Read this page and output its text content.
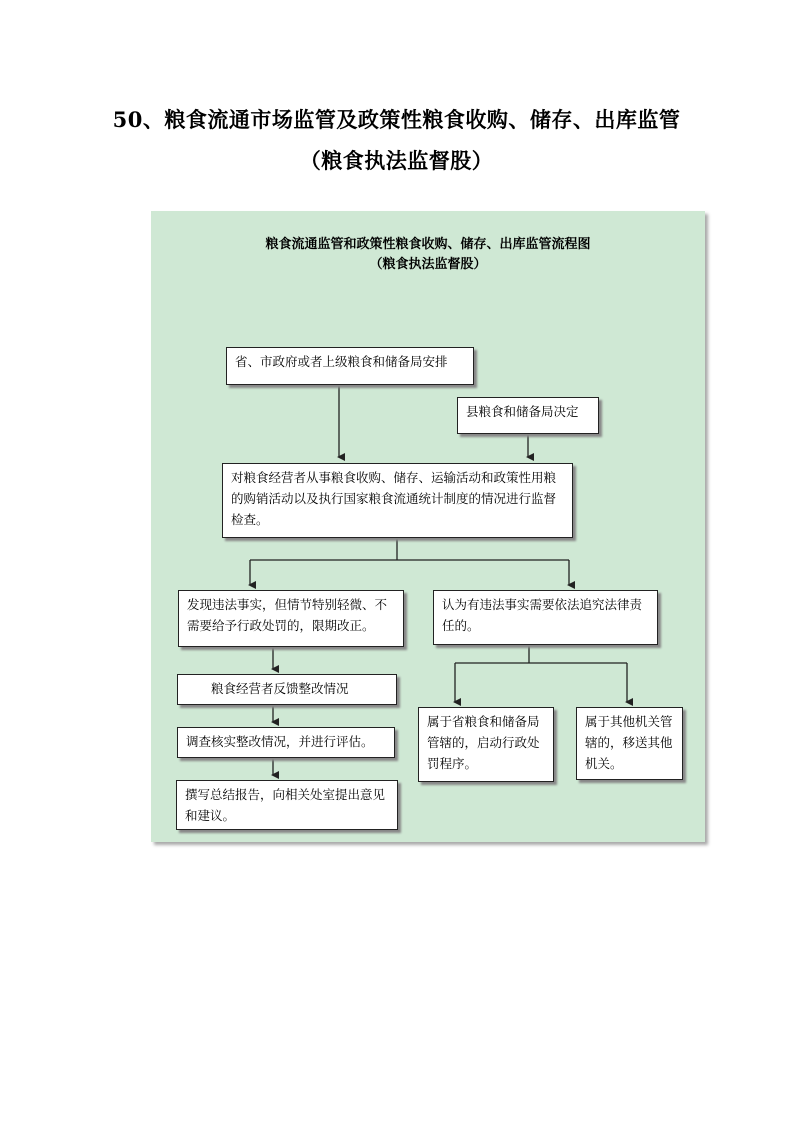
50、粮食流通市场监管及政策性粮食收购、储存、出库监管
（粮食执法监督股）
粮食流通监管和政策性粮食收购、储存、出库监管流程图
（粮食执法监督股）
省、市政府或者上级粮食和储备局安排
县粮食和储备局决定
对粮食经营者从事粮食收购、储存、运输活动和政策性用粮的购销活动以及执行国家粮食流通统计制度的情况进行监督检查。
发现违法事实，但情节特别轻微、不需要给予行政处罚的，限期改正。
认为有违法事实需要依法追究法律责任的。
粮食经营者反馈整改情况
调查核实整改情况，并进行评估。
撰写总结报告，向相关处室提出意见和建议。
属于省粮食和储备局管辖的，启动行政处罚程序。
属于其他机关管辖的，移送其他机关。
